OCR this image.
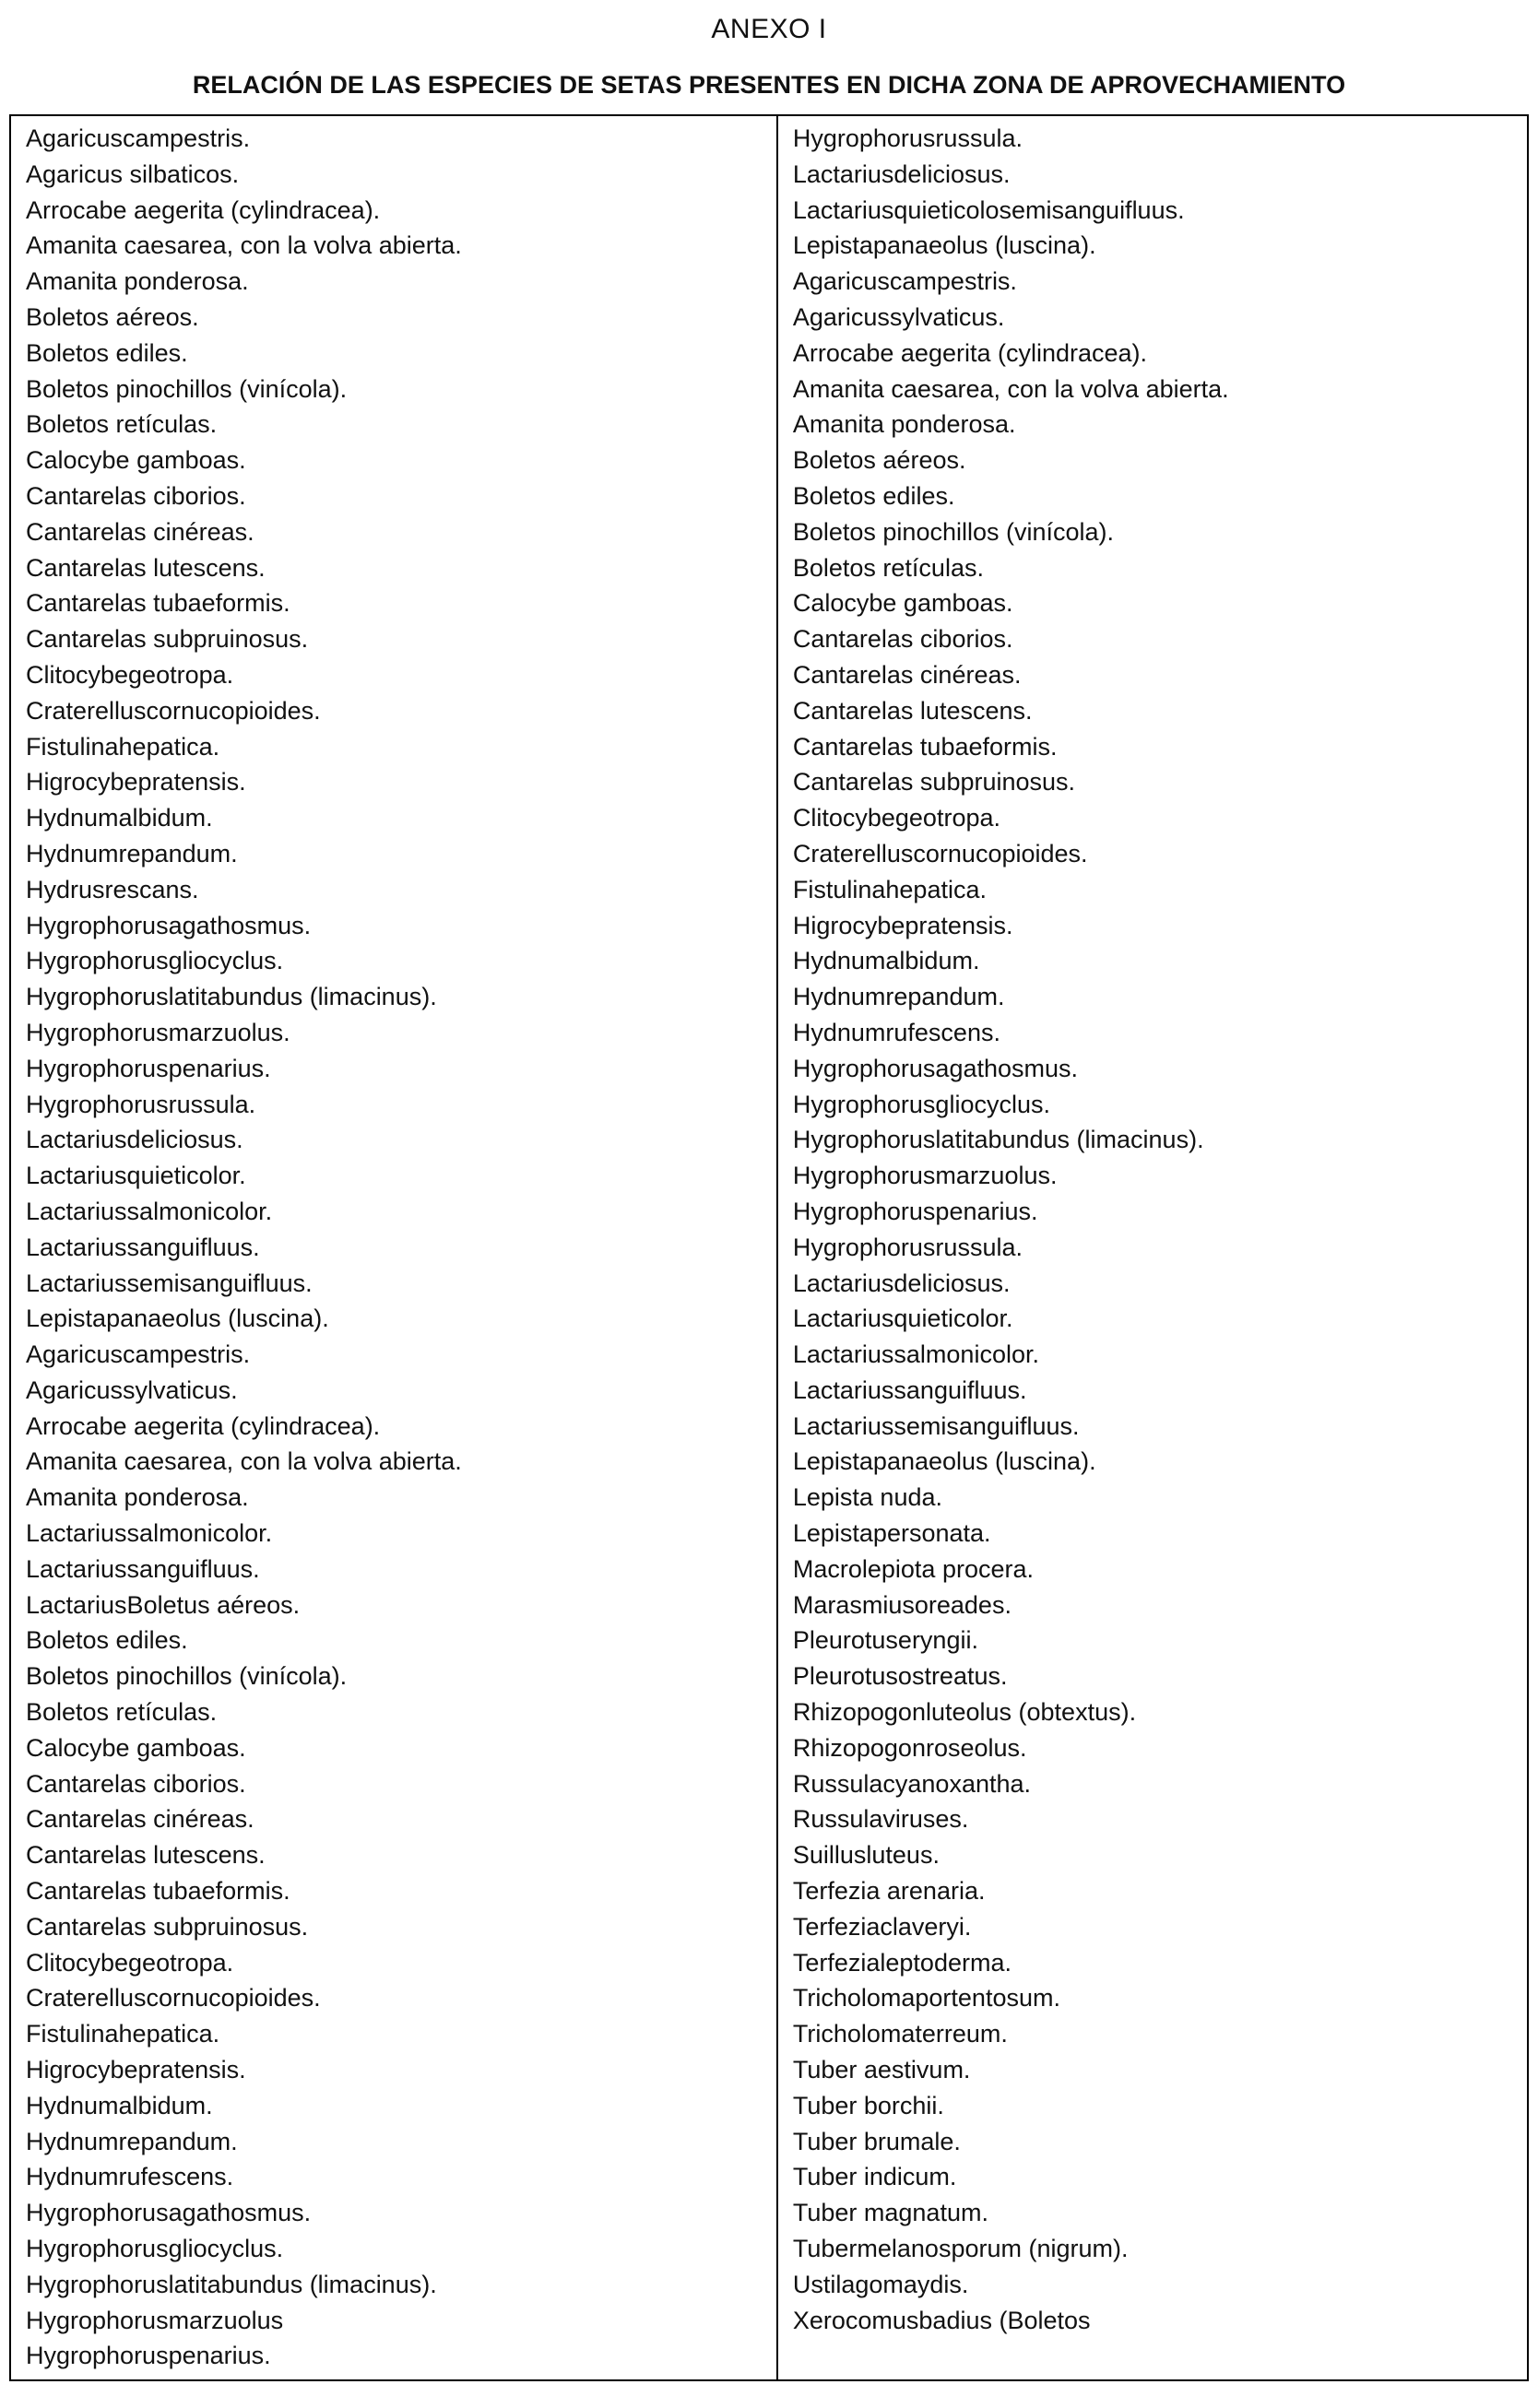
ANEXO I
RELACIÓN DE LAS ESPECIES DE SETAS PRESENTES EN DICHA ZONA DE APROVECHAMIENTO
Agaricuscampestris.
Agaricus silbaticos.
Arrocabe aegerita (cylindracea).
Amanita caesarea, con la volva abierta.
Amanita ponderosa.
Boletos aéreos.
Boletos ediles.
Boletos pinochillos (vinícola).
Boletos retículas.
Calocybe gamboas.
Cantarelas ciborios.
Cantarelas cinéreas.
Cantarelas lutescens.
Cantarelas tubaeformis.
Cantarelas subpruinosus.
Clitocybegeotropa.
Craterelluscornucopioides.
Fistulinahepatica.
Higrocybepratensis.
Hydnumalbidum.
Hydnumrepandum.
Hydrusrescans.
Hygrophorusagathosmus.
Hygrophorusgliocyclus.
Hygrophoruslatitabundus (limacinus).
Hygrophorusmarzuolus.
Hygrophoruspenarius.
Hygrophorusrussula.
Lactariusdeliciosus.
Lactariusquieticolor.
Lactariussalmonicolor.
Lactariussanguifluus.
Lactariussemisanguifluus.
Lepistapanaeolus (luscina).
Agaricuscampestris.
Agaricussylvaticus.
Arrocabe aegerita (cylindracea).
Amanita caesarea, con la volva abierta.
Amanita ponderosa.
Lactariussalmonicolor.
Lactariussanguifluus.
LactariusBoletus aéreos.
Boletos ediles.
Boletos pinochillos (vinícola).
Boletos retículas.
Calocybe gamboas.
Cantarelas ciborios.
Cantarelas cinéreas.
Cantarelas lutescens.
Cantarelas tubaeformis.
Cantarelas subpruinosus.
Clitocybegeotropa.
Craterelluscornucopioides.
Fistulinahepatica.
Higrocybepratensis.
Hydnumalbidum.
Hydnumrepandum.
Hydnumrufescens.
Hygrophorusagathosmus.
Hygrophorusgliocyclus.
Hygrophoruslatitabundus (limacinus).
Hygrophorusmarzuolus
Hygrophoruspenarius.
Hygrophorusrussula.
Lactariusdeliciosus.
Lactariusquieticolosemisanguifluus.
Lepistapanaeolus (luscina).
Agaricuscampestris.
Agaricussylvaticus.
Arrocabe aegerita (cylindracea).
Amanita caesarea, con la volva abierta.
Amanita ponderosa.
Boletos aéreos.
Boletos ediles.
Boletos pinochillos (vinícola).
Boletos retículas.
Calocybe gamboas.
Cantarelas ciborios.
Cantarelas cinéreas.
Cantarelas lutescens.
Cantarelas tubaeformis.
Cantarelas subpruinosus.
Clitocybegeotropa.
Craterelluscornucopioides.
Fistulinahepatica.
Higrocybepratensis.
Hydnumalbidum.
Hydnumrepandum.
Hydnumrufescens.
Hygrophorusagathosmus.
Hygrophorusgliocyclus.
Hygrophoruslatitabundus (limacinus).
Hygrophorusmarzuolus.
Hygrophoruspenarius.
Hygrophorusrussula.
Lactariusdeliciosus.
Lactariusquieticolor.
Lactariussalmonicolor.
Lactariussanguifluus.
Lactariussemisanguifluus.
Lepistapanaeolus (luscina).
Lepista nuda.
Lepistapersonata.
Macrolepiota procera.
Marasmiusoreades.
Pleurotuseryngii.
Pleurotusostreatus.
Rhizopogonluteolus (obtextus).
Rhizopogonroseolus.
Russulacyanoxantha.
Russulaviruses.
Suillusluteus.
Terfezia arenaria.
Terfeziaclaveryi.
Terfezialeptoderma.
Tricholomaportentosum.
Tricholomaterreum.
Tuber aestivum.
Tuber borchii.
Tuber brumale.
Tuber indicum.
Tuber magnatum.
Tubermelanosporum (nigrum).
Ustilagomaydis.
Xerocomusbadius (Boletos
